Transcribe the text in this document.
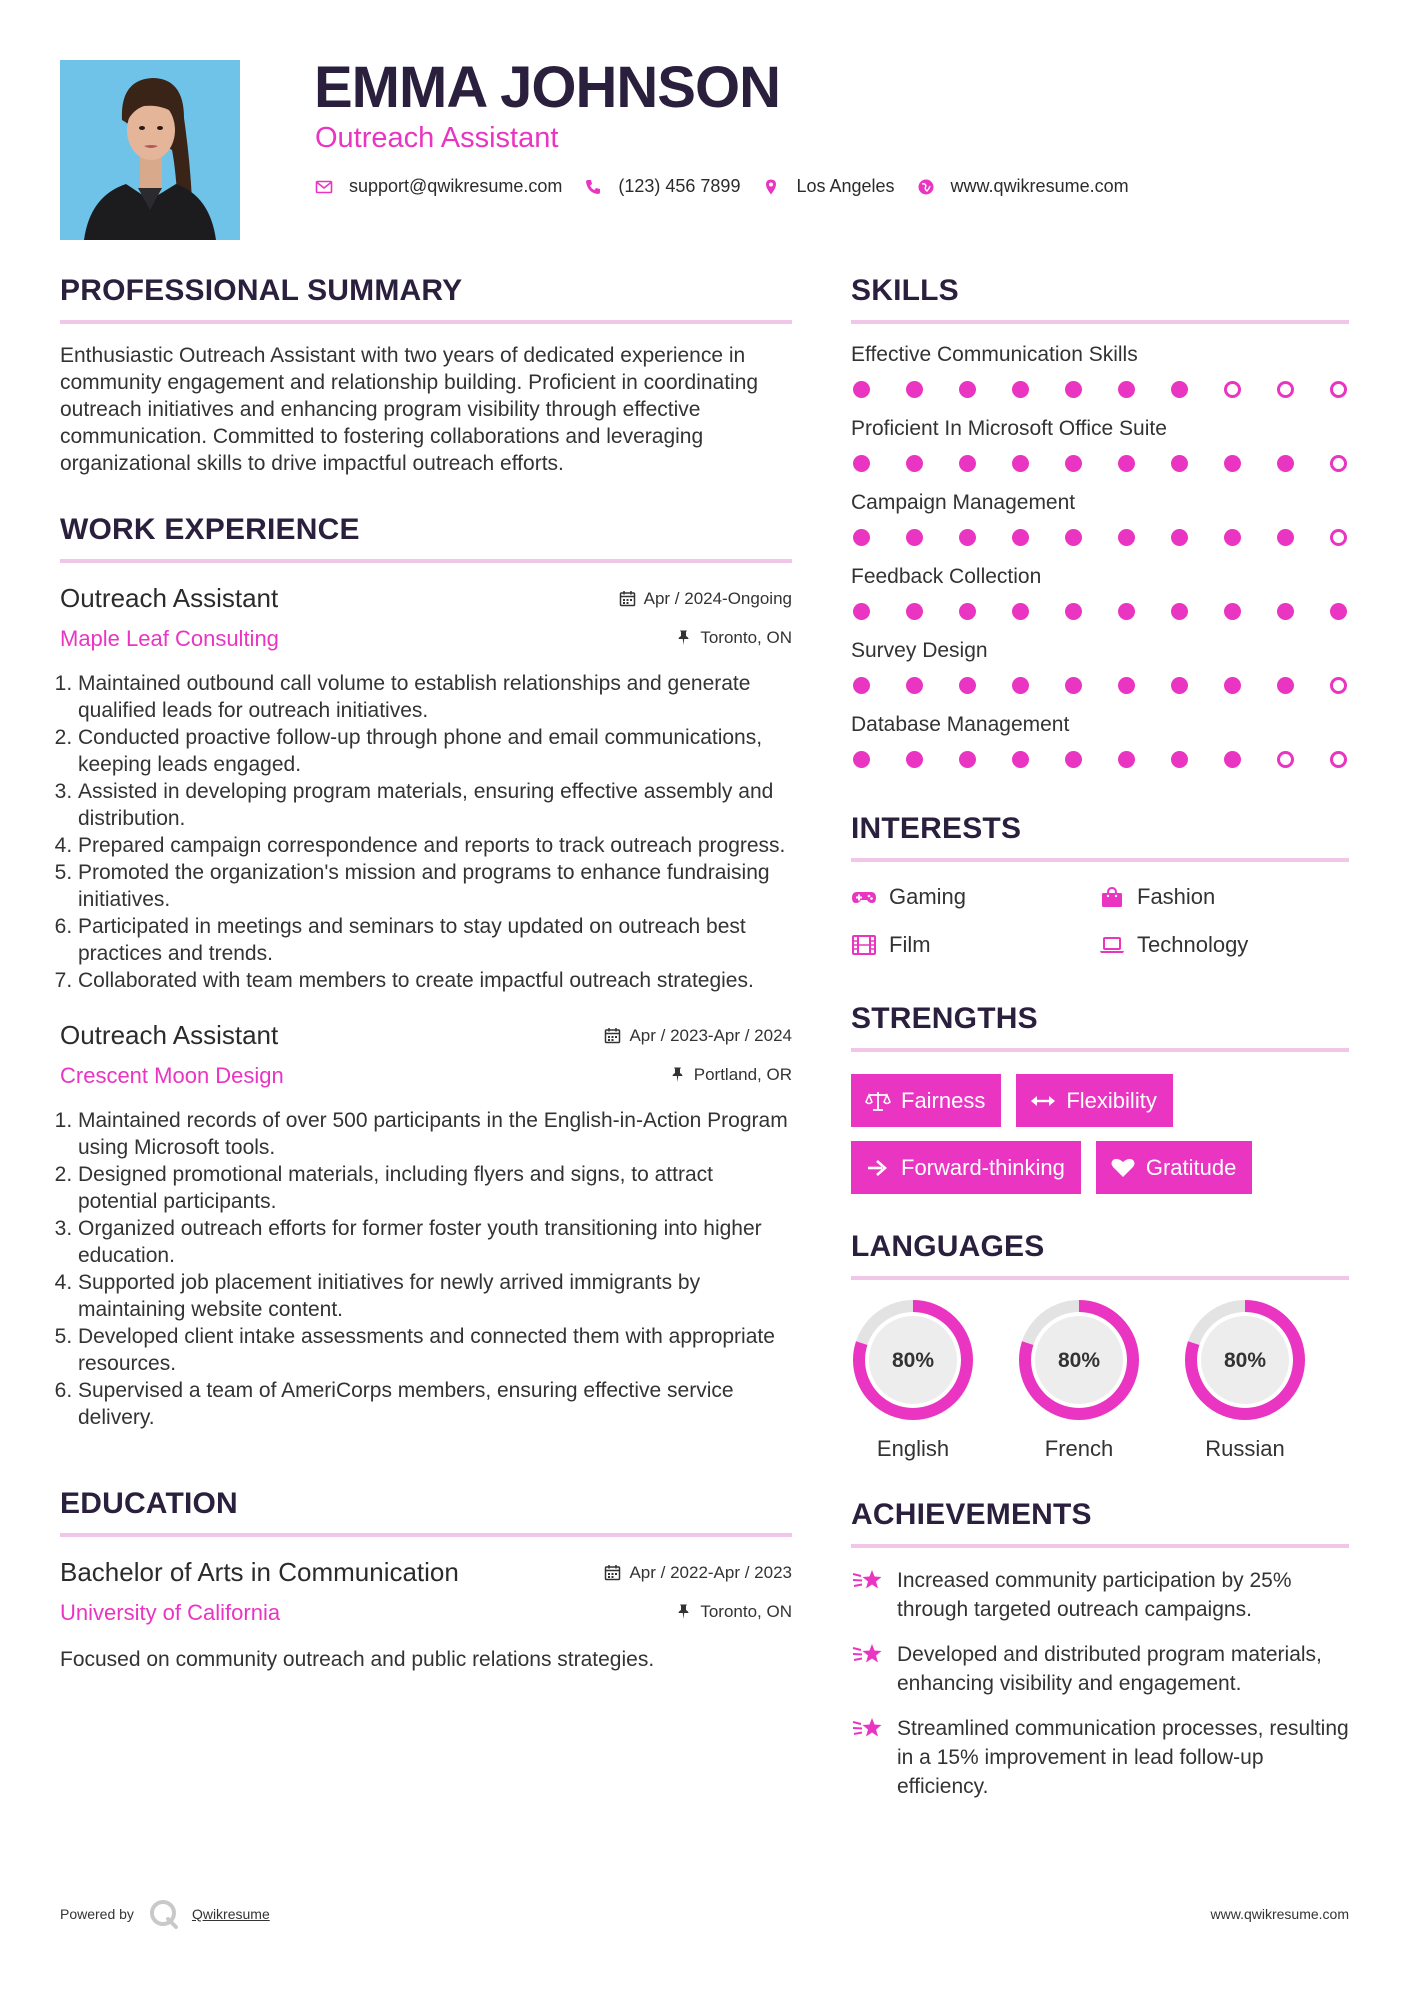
EMMA JOHNSON
Outreach Assistant
support@qwikresume.com	(123) 456 7899	Los Angeles	www.qwikresume.com
PROFESSIONAL SUMMARY

Enthusiastic Outreach Assistant with two years of dedicated experience in community engagement and relationship building. Proficient in coordinating outreach initiatives and enhancing program visibility through effective communication. Committed to fostering collaborations and leveraging organizational skills to drive impactful outreach efforts.

WORK EXPERIENCE
Outreach Assistant	Apr / 2024-Ongoing
Maple Leaf Consulting	Toronto, ON
1. Maintained outbound call volume to establish relationships and generate qualified leads for outreach initiatives.
2. Conducted proactive follow-up through phone and email communications, keeping leads engaged.
3. Assisted in developing program materials, ensuring effective assembly and distribution.
4. Prepared campaign correspondence and reports to track outreach progress.
5. Promoted the organization's mission and programs to enhance fundraising initiatives.
6. Participated in meetings and seminars to stay updated on outreach best practices and trends.
7. Collaborated with team members to create impactful outreach strategies.
Outreach Assistant	Apr / 2023-Apr / 2024
Crescent Moon Design	Portland, OR
1. Maintained records of over 500 participants in the English-in-Action Program using Microsoft tools.
2. Designed promotional materials, including flyers and signs, to attract potential participants.
3. Organized outreach efforts for former foster youth transitioning into higher education.
4. Supported job placement initiatives for newly arrived immigrants by maintaining website content.
5. Developed client intake assessments and connected them with appropriate resources.
6. Supervised a team of AmeriCorps members, ensuring effective service delivery.
EDUCATION
Bachelor of Arts in Communication	Apr / 2022-Apr / 2023
University of California	Toronto, ON

Focused on community outreach and public relations strategies.

SKILLS
Effective Communication Skills
Proficient In Microsoft Office Suite
Campaign Management
Feedback Collection
Survey Design
Database Management
INTERESTS
Gaming	Fashion
Film	Technology
STRENGTHS
Fairness	Flexibility
Forward-thinking	Gratitude
LANGUAGES
80%
English
80%
French
80%
Russian
ACHIEVEMENTS
Increased community participation by 25% through targeted outreach campaigns.
Developed and distributed program materials, enhancing visibility and engagement.
Streamlined communication processes, resulting in a 15% improvement in lead follow-up efficiency.
Powered by	Qwikresume	www.qwikresume.com
